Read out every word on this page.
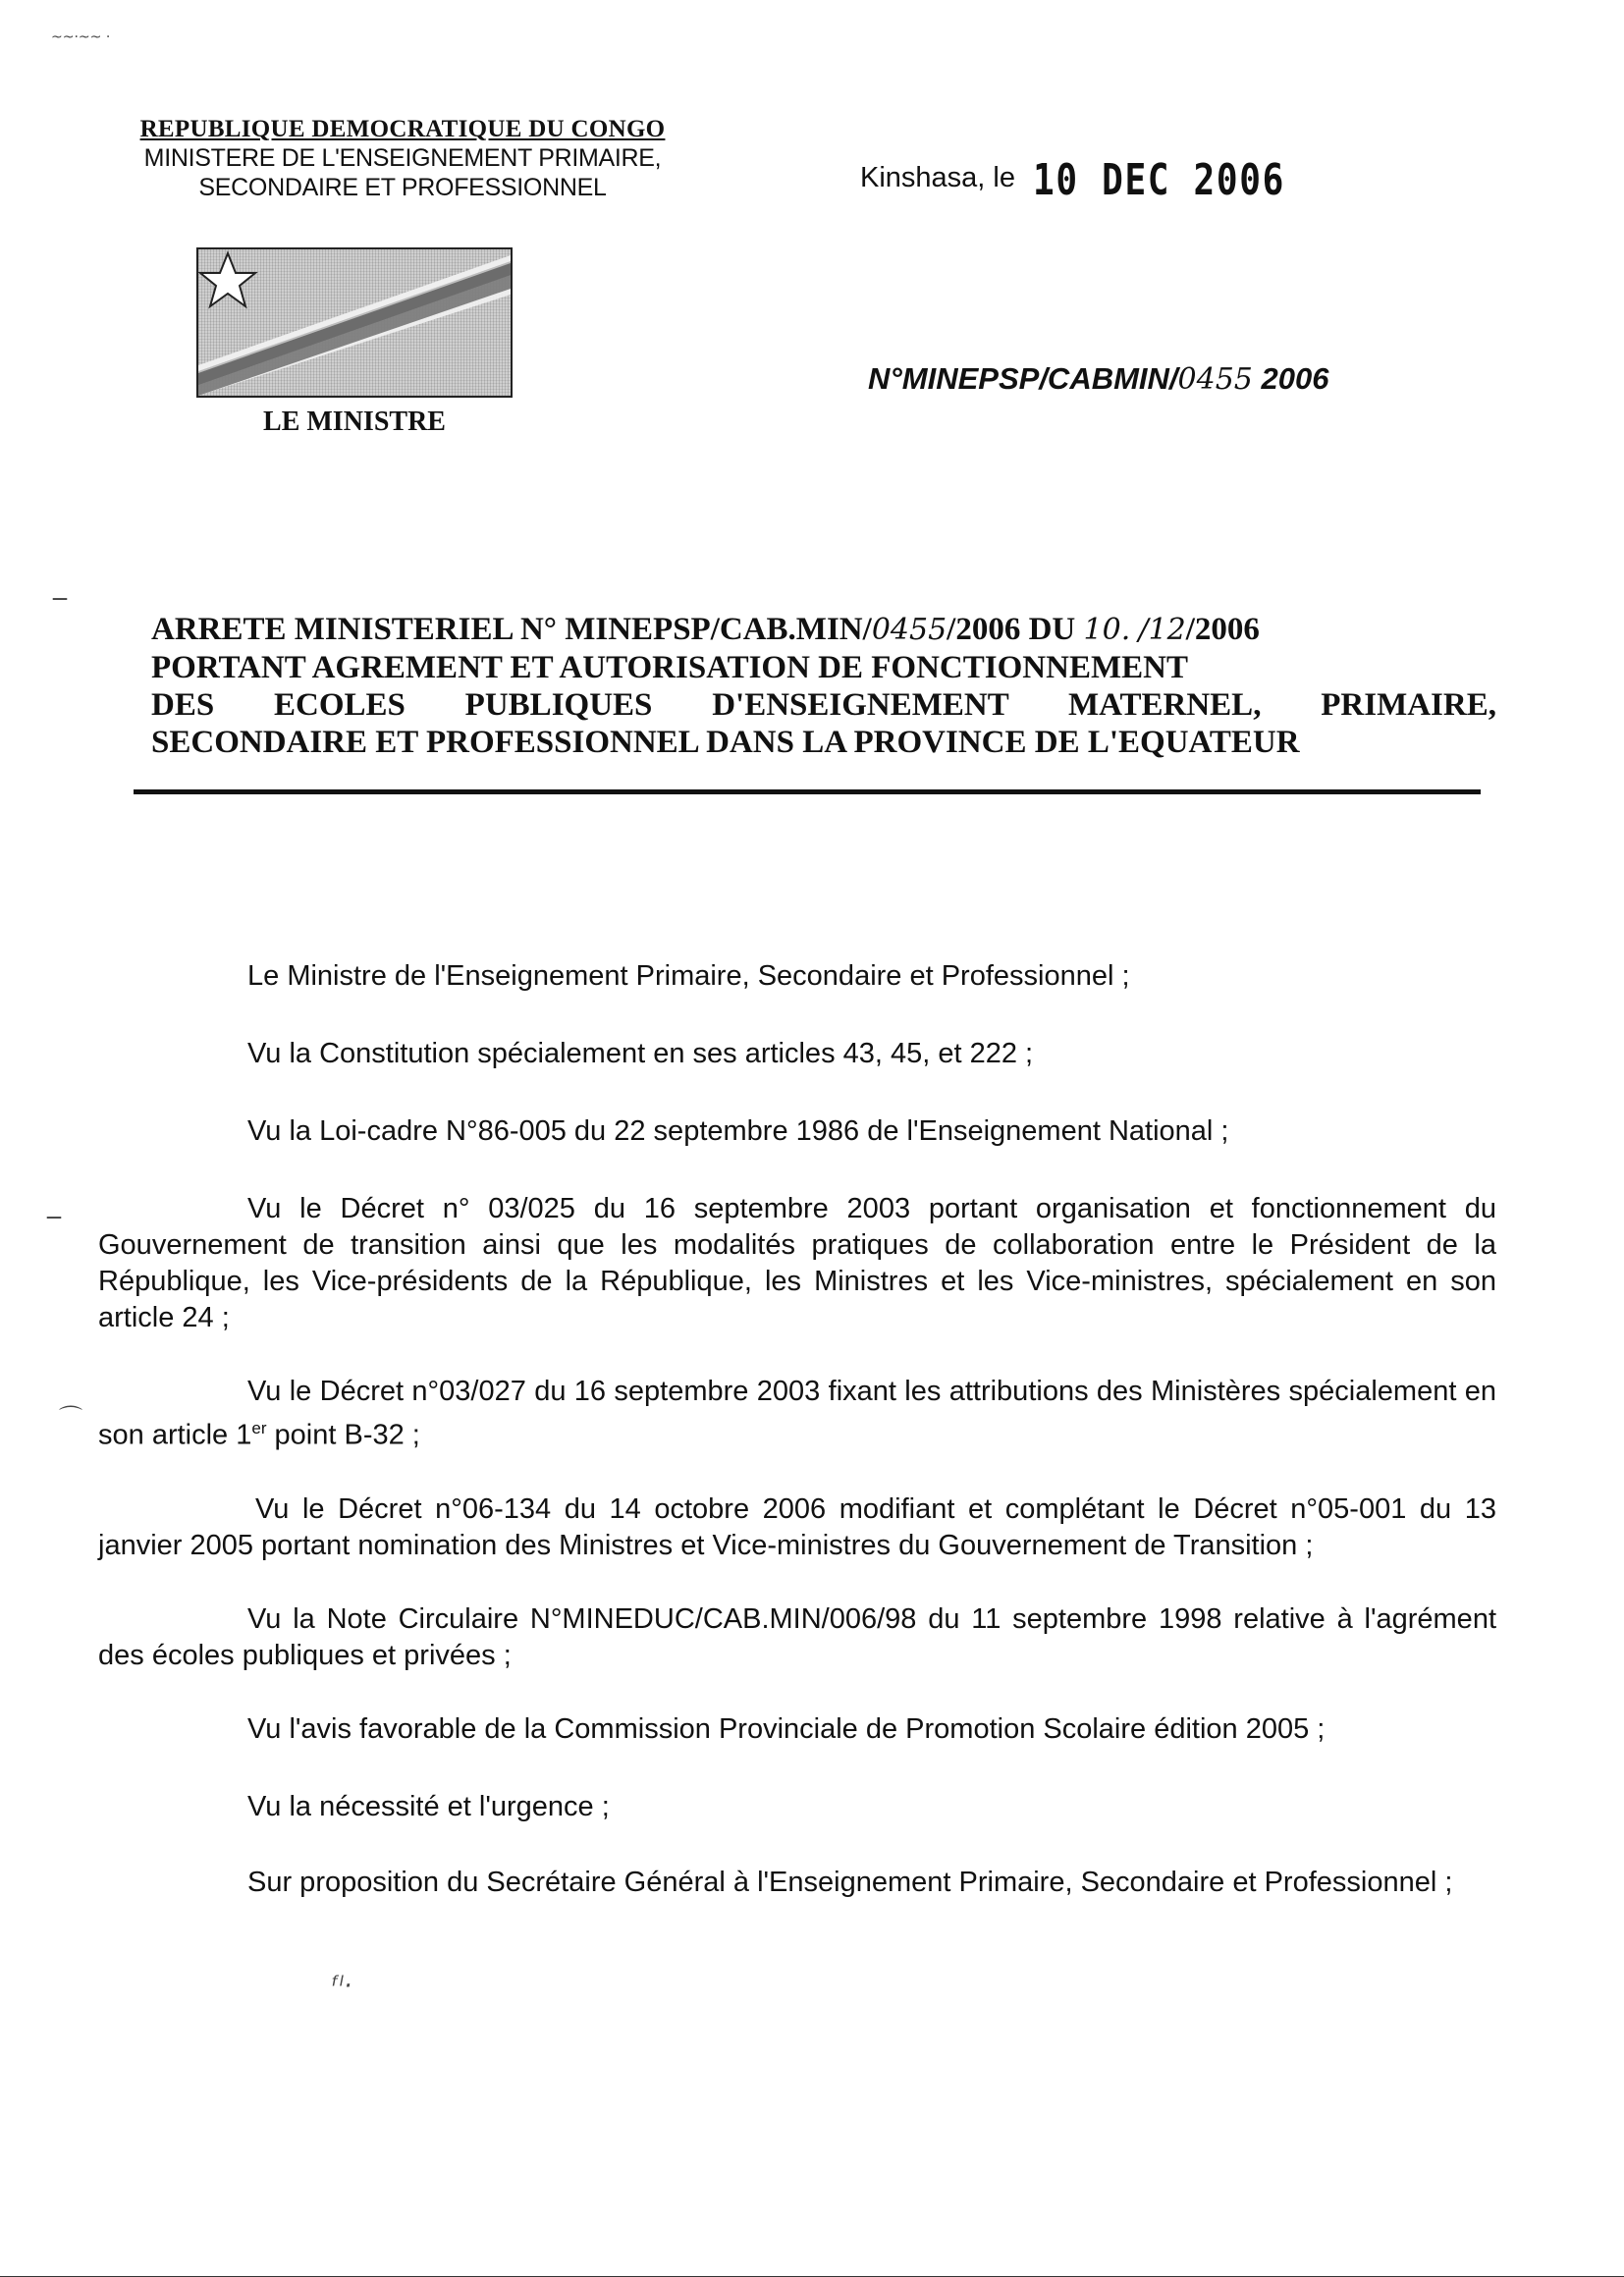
~~·~~ ·
‾
‾
⌒

REPUBLIQUE DEMOCRATIQUE DU CONGO

MINISTERE DE L'ENSEIGNEMENT PRIMAIRE,

SECONDAIRE ET PROFESSIONNEL

LE MINISTRE

Kinshasa, le 10 DEC 2006
N°MINEPSP/CABMIN/0455 2006

ARRETE MINISTERIEL N° MINEPSP/CAB.MIN/0455/2006 DU 10. /12/2006

PORTANT AGREMENT ET AUTORISATION DE FONCTIONNEMENT

DES ECOLES PUBLIQUES D'ENSEIGNEMENT MATERNEL, PRIMAIRE,

SECONDAIRE ET PROFESSIONNEL DANS LA PROVINCE DE L'EQUATEUR

Le Ministre de l'Enseignement Primaire, Secondaire et Professionnel ;

Vu la Constitution spécialement en ses articles 43, 45, et 222 ;

Vu la Loi-cadre N°86-005 du 22 septembre 1986 de l'Enseignement National ;

Vu le Décret n° 03/025 du 16 septembre 2003 portant organisation et fonctionnement du Gouvernement de transition ainsi que les modalités pratiques de collaboration entre le Président de la République, les Vice-présidents de la République, les Ministres et les Vice-ministres, spécialement en son article 24 ;

Vu le Décret n°03/027 du 16 septembre 2003 fixant les attributions des Ministères spécialement en son article 1er point B-32 ;

Vu le Décret n°06-134 du 14 octobre 2006 modifiant et complétant le Décret n°05-001 du 13 janvier 2005 portant nomination des Ministres et Vice-ministres du Gouvernement de Transition ;

Vu la Note Circulaire N°MINEDUC/CAB.MIN/006/98 du 11 septembre 1998 relative à l'agrément des écoles publiques et privées ;

Vu l'avis favorable de la Commission Provinciale de Promotion Scolaire édition 2005 ;

Vu la nécessité et l'urgence ;

Sur proposition du Secrétaire Général à l'Enseignement Primaire, Secondaire et Professionnel ;

ᶠˡ·
